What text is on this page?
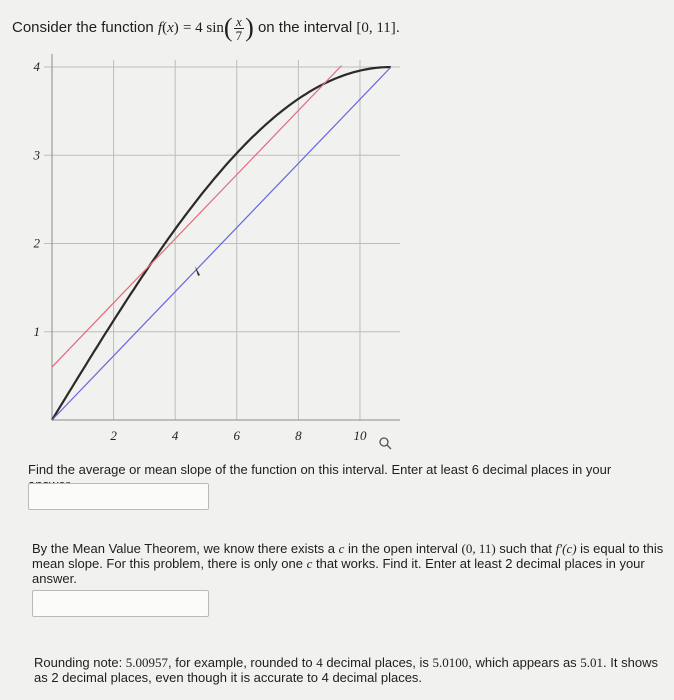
Consider the function f(x) = 4 $\sin( \frac{x}{7}$ ) on the interval [0, 11].
2	4	6	8	10
1
2
3
4
Find the average or mean slope of the function on this interval. Enter at least 6 decimal places in your
By the Mean Value Theorem, we know there exists a c in the open interval (0, 11) such that f′(c) is equal to this mean slope. For this problem, there is only one c that works. Find it. Enter at least 2 decimal places in your answer.
Rounding note: 5.00957, for example, rounded to 4 decimal places, is 5.0100, which appears as 5.01. It shows as 2 decimal places, even though it is accurate to 4 decimal places.
